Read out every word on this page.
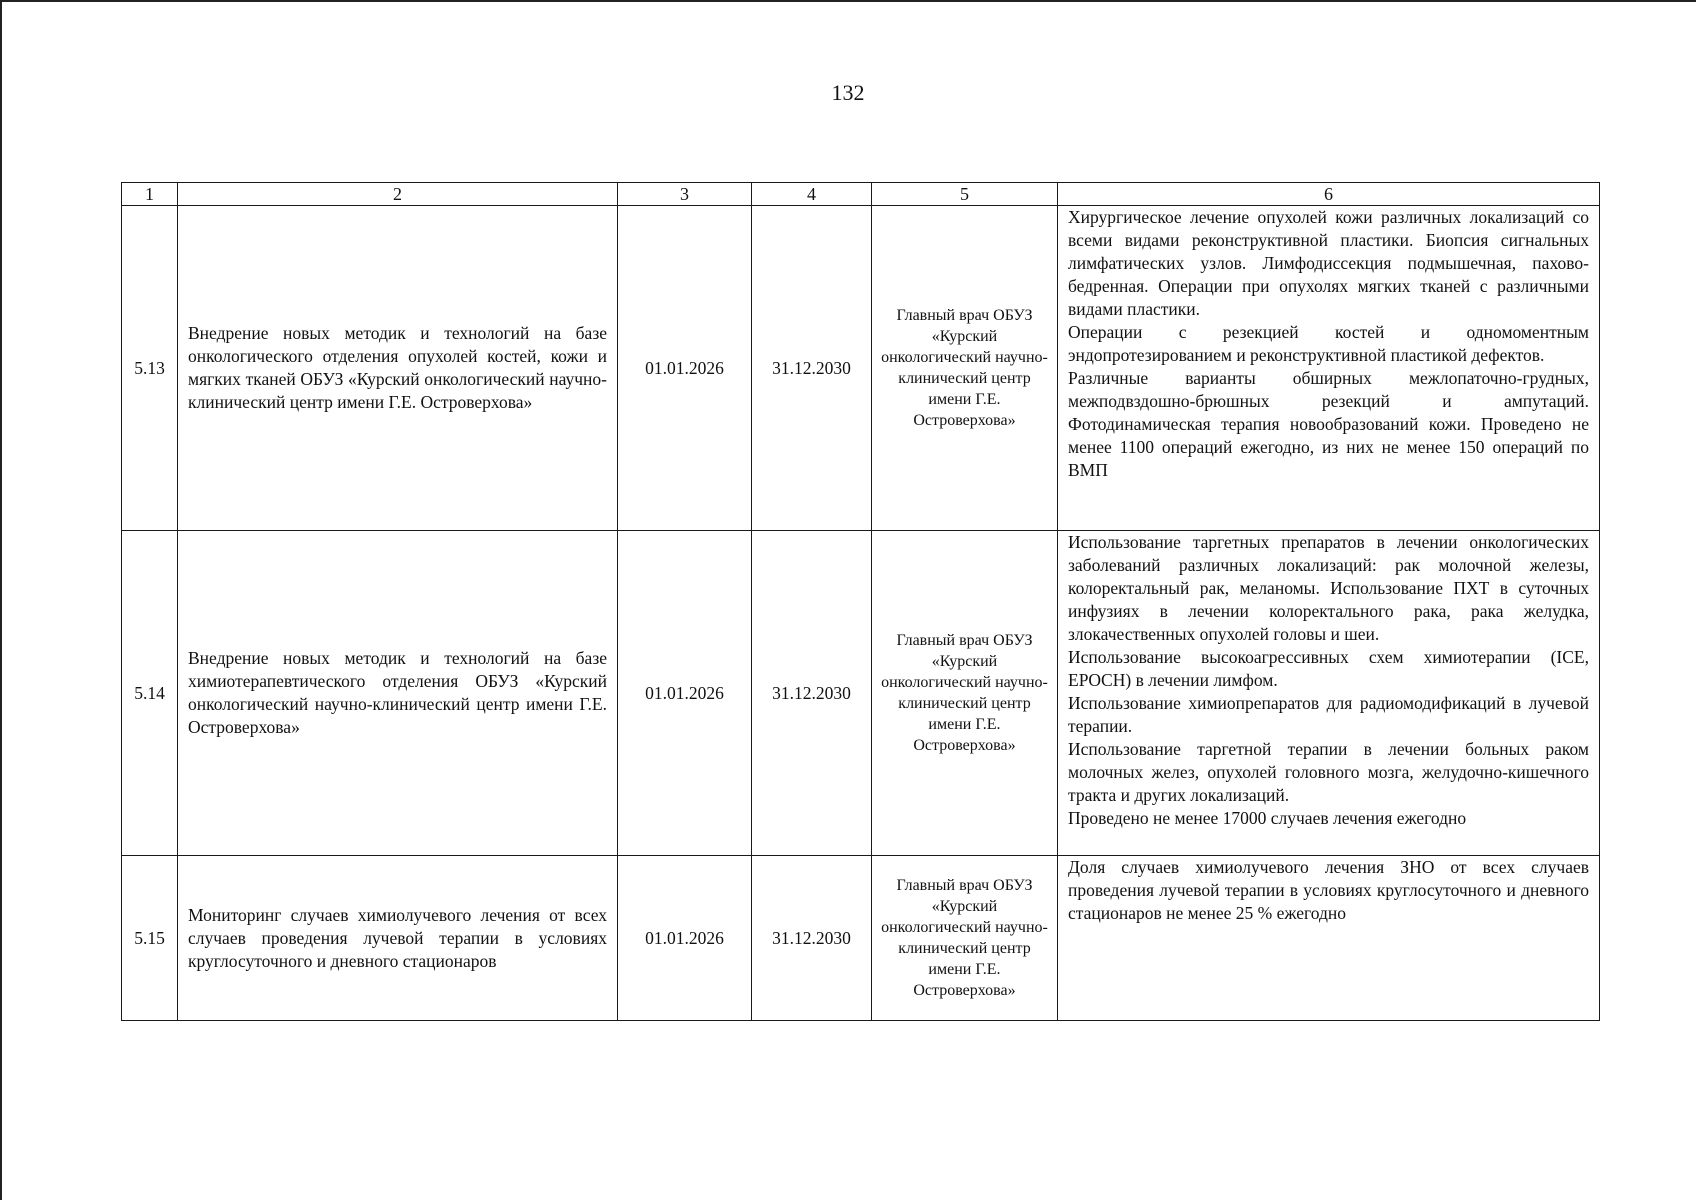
132
1	2	3	4	5	6
5.13	Внедрение новых методик и технологий на базе онкологического отделения опухолей костей, кожи и мягких тканей ОБУЗ «Курский онкологический научно-клинический центр имени Г.Е. Островерхова»	01.01.2026	31.12.2030	Главный врач ОБУЗ «Курский онкологический научно-клинический центр имени Г.Е. Островерхова»	Хирургическое лечение опухолей кожи различных локализаций со всеми видами реконструктивной пластики. Биопсия сигнальных лимфатических узлов. Лимфодиссекция подмышечная, пахово-бедренная. Операции при опухолях мягких тканей с различными видами пластики.
Операции с резекцией костей и одномоментным эндопротезированием и реконструктивной пластикой дефектов.
Различные варианты обширных межлопаточно-грудных, межподвздошно-брюшных резекций и ампутаций. Фотодинамическая терапия новообразований кожи. Проведено не менее 1100 операций ежегодно, из них не менее 150 операций по ВМП

5.14	Внедрение новых методик и технологий на базе химиотерапевтического отделения ОБУЗ «Курский онкологический научно-клинический центр имени Г.Е. Островерхова»	01.01.2026	31.12.2030	Главный врач ОБУЗ «Курский онкологический научно-клинический центр имени Г.Е. Островерхова»	Использование таргетных препаратов в лечении онкологических заболеваний различных локализаций: рак молочной железы, колоректальный рак, меланомы. Использование ПХТ в суточных инфузиях в лечении колоректального рака, рака желудка, злокачественных опухолей головы и шеи.
Использование высокоагрессивных схем химиотерапии (ICE, EPOCH) в лечении лимфом.
Использование химиопрепаратов для радиомодификаций в лучевой терапии.
Использование таргетной терапии в лечении больных раком молочных желез, опухолей головного мозга, желудочно-кишечного тракта и других локализаций.
Проведено не менее 17000 случаев лечения ежегодно

5.15	Мониторинг случаев химиолучевого лечения от всех случаев проведения лучевой терапии в условиях круглосуточного и дневного стационаров	01.01.2026	31.12.2030	Главный врач ОБУЗ «Курский онкологический научно-клинический центр имени Г.Е. Островерхова»	Доля случаев химиолучевого лечения ЗНО от всех случаев проведения лучевой терапии в условиях круглосуточного и дневного стационаров не менее 25 % ежегодно
